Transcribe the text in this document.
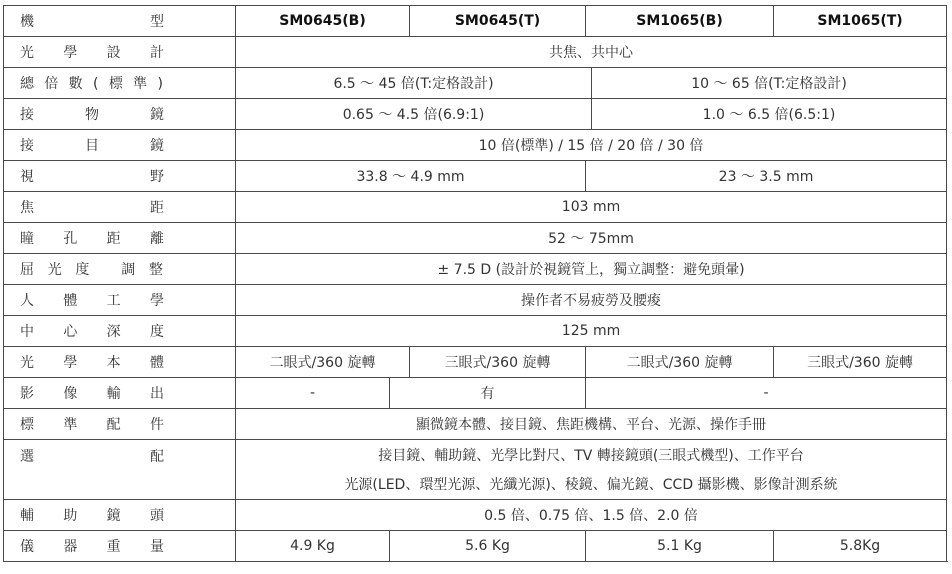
機　　型	SM0645(B)		SM0645(T)	SM1065(B)		SM1065(T)	
光學設計	共焦、共中心						
總倍數(標準)	6.5 ～ 45 倍(T:定格設計)				10 ～ 65 倍(T:定格設計)		
接　物　鏡	0.65 ～ 4.5 倍(6.9:1)				1.0 ～ 6.5 倍(6.5:1)		
接　目　鏡	10 倍(標準) / 15 倍 / 20 倍 / 30 倍						
視　　　野	33.8 ～ 4.9 mm			23 ～ 3.5 mm			
焦　　　距	103 mm						
瞳孔距離	52 ～ 75mm						
屈光度 調整	± 7.5 D (設計於視鏡管上，獨立調整：避免頭暈)						
人體工學	操作者不易疲勞及腰痠						
中心深度	125 mm						
光學本體	二眼式/360 旋轉		三眼式/360 旋轉	二眼式/360 旋轉		三眼式/360 旋轉	
影像輸出	-	有		-	
標準配件	顯微鏡本體、接目鏡、焦距機構、平台、光源、操作手冊						
選　　　配	接目鏡、輔助鏡、光學比對尺、TV 轉接鏡頭(三眼式機型)、工作平台						
	光源(LED、環型光源、光纖光源)、稜鏡、偏光鏡、CCD 攝影機、影像計測系統						
輔助鏡頭	0.5 倍、0.75 倍、1.5 倍、2.0 倍						
儀器重量	4.9 Kg	5.6 Kg		5.1 Kg		5.8Kg	
